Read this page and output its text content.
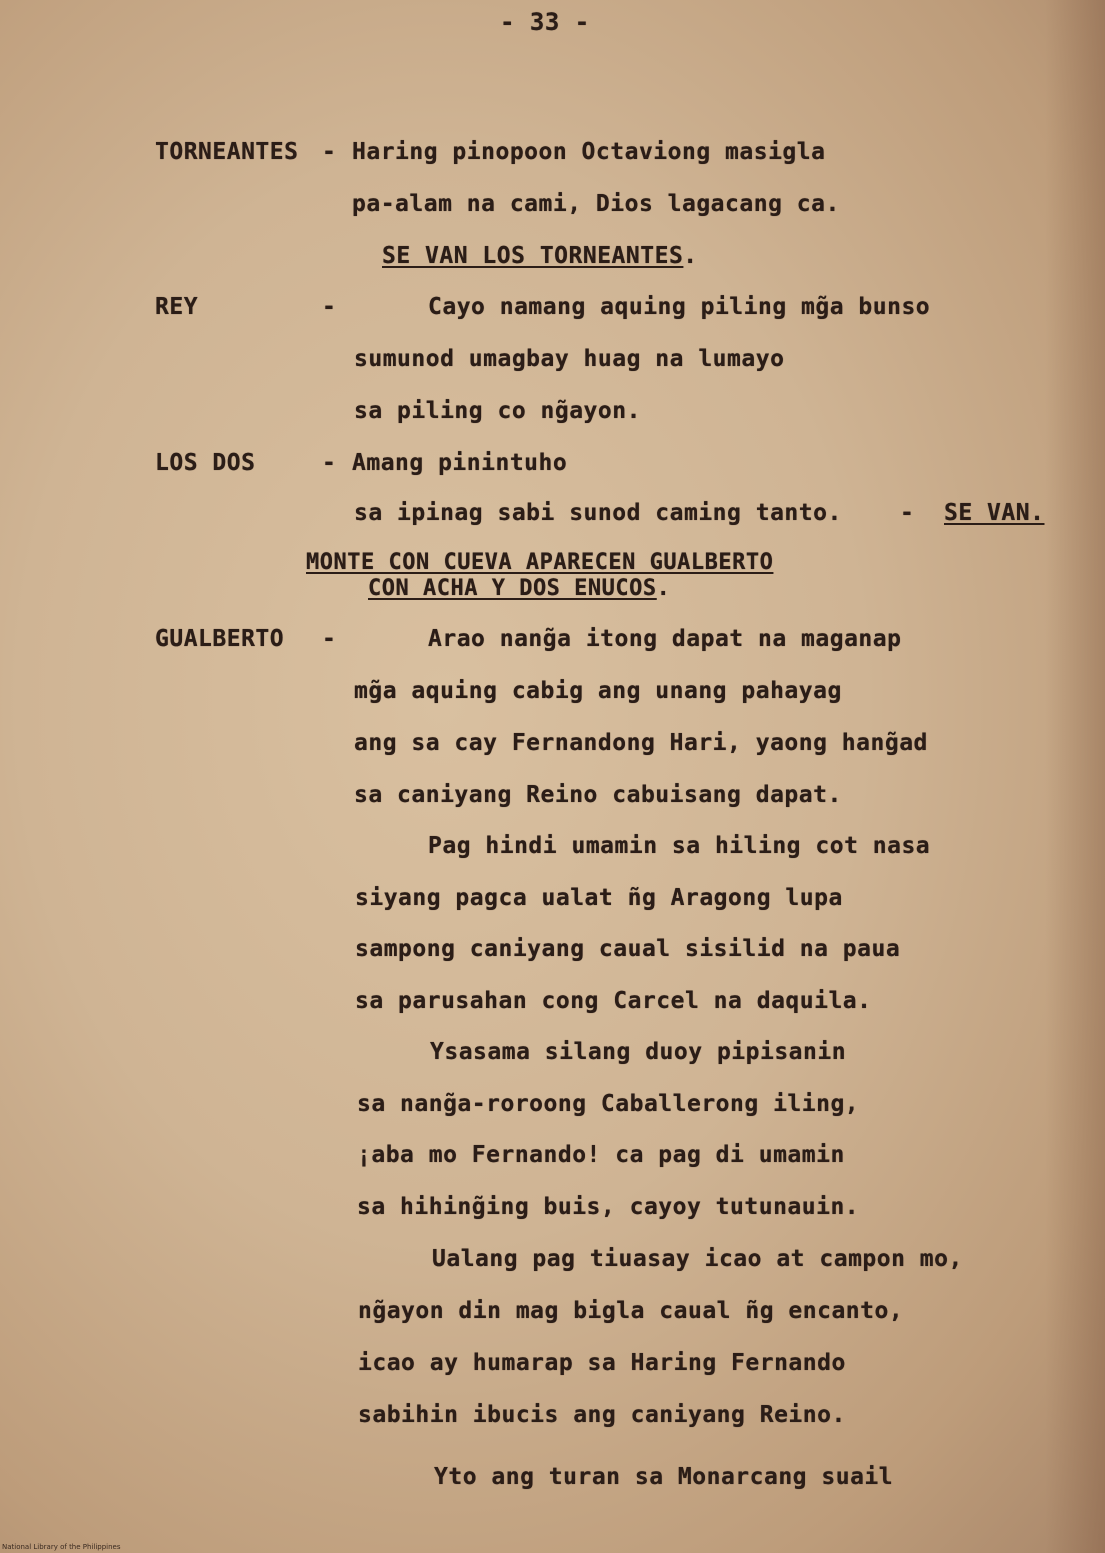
- 33 -
TORNEANTES - Haring pinopoon Octaviong masigla
pa-alam na cami, Dios lagacang ca.
SE VAN LOS TORNEANTES.
REY	-	Cayo namang aquing piling mg̃a bunso
sumunod umagbay huag na lumayo
sa piling co ng̃ayon.
LOS DOS	- Amang pinintuho
sa ipinag sabi sunod caming tanto.	- SE VAN.
MONTE CON CUEVA APARECEN GUALBERTO
CON ACHA Y DOS ENUCOS.
GUALBERTO -	Arao nang̃a itong dapat na maganap
mg̃a aquing cabig ang unang pahayag
ang sa cay Fernandong Hari, yaong hang̃ad
sa caniyang Reino cabuisang dapat.
Pag hindi umamin sa hiling cot nasa
siyang pagca ualat ñg Aragong lupa
sampong caniyang caual sisilid na paua
sa parusahan cong Carcel na daquila.
Ysasama silang duoy pipisanin
sa nang̃a-roroong Caballerong iling,
¡aba mo Fernando! ca pag di umamin
sa hihing̃ing buis, cayoy tutunauin.
Ualang pag tiuasay icao at campon mo,
ng̃ayon din mag bigla caual ñg encanto,
icao ay humarap sa Haring Fernando
sabihin ibucis ang caniyang Reino.
Yto ang turan sa Monarcang suail
National Library of the Philippines
